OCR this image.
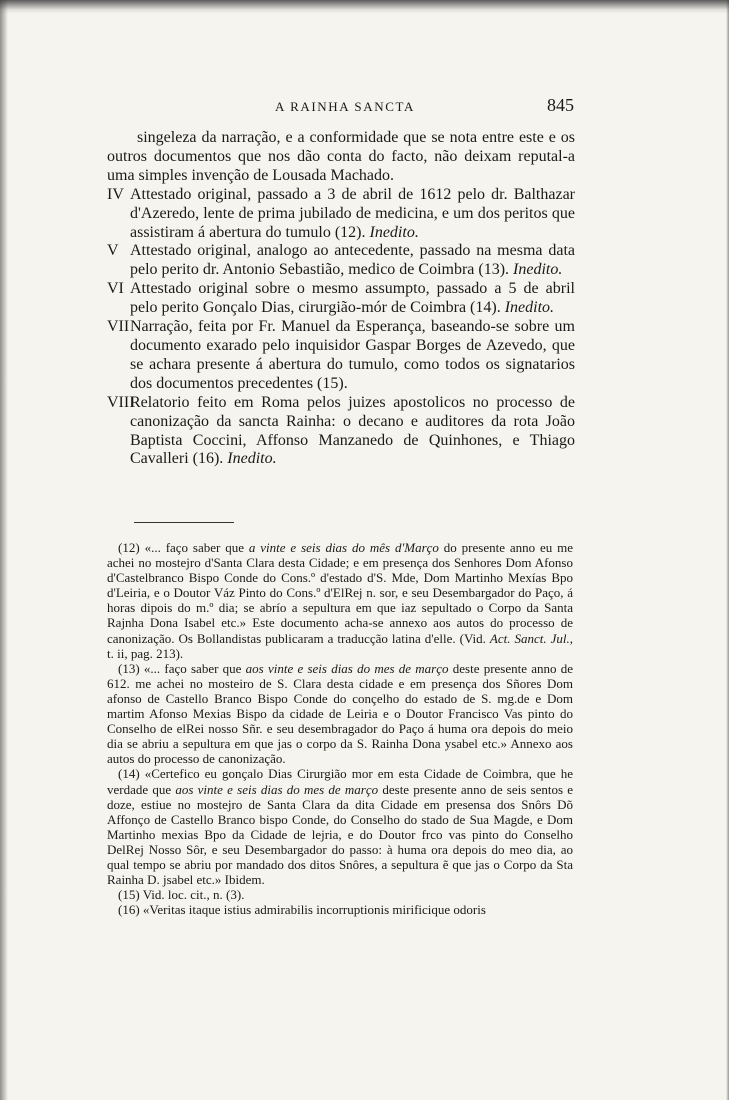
A RAINHA SANCTA	845
singeleza da narração, e a conformidade que se nota entre este e os outros documentos que nos dão conta do facto, não deixam reputal-a uma simples invenção de Lousada Machado.
IV Attestado original, passado a 3 de abril de 1612 pelo dr. Balthazar d'Azeredo, lente de prima jubilado de medicina, e um dos peritos que assistiram á abertura do tumulo (12). Inedito.
V Attestado original, analogo ao antecedente, passado na mesma data pelo perito dr. Antonio Sebastião, medico de Coimbra (13). Inedito.
VI Attestado original sobre o mesmo assumpto, passado a 5 de abril pelo perito Gonçalo Dias, cirurgião-mór de Coimbra (14). Inedito.
VII Narração, feita por Fr. Manuel da Esperança, baseando-se sobre um documento exarado pelo inquisidor Gaspar Borges de Azevedo, que se achara presente á abertura do tumulo, como todos os signatarios dos documentos precedentes (15).
VIII
Relatorio feito em Roma pelos juizes apostolicos no processo de canonização da sancta Rainha: o decano e auditores da rota João Baptista Coccini, Affonso Manzanedo de Quinhones, e Thiago Cavalleri (16). Inedito.

(12) «... faço saber que a vinte e seis dias do mês d'Março do presente anno eu me achei no mostejro d'Santa Clara desta Cidade; e em presença dos Senhores Dom Afonso d'Castelbranco Bispo Conde do Cons.º d'estado d'S. Mde, Dom Martinho Mexías Bpo d'Leiria, e o Doutor Váz Pinto do Cons.º d'ElRej n. sor, e seu Desembargador do Paço, á horas dipois do m.º dia; se abrío a sepultura em que iaz sepultado o Corpo da Santa Rajnha Dona Isabel etc.» Este documento acha-se annexo aos autos do processo de canonização. Os Bollandistas publicaram a traducção latina d'elle. (Vid. Act. Sanct. Jul., t. ii, pag. 213).

(13) «... faço saber que aos vinte e seis dias do mes de março deste presente anno de 612. me achei no mosteiro de S. Clara desta cidade e em presença dos Sñores Dom afonso de Castello Branco Bispo Conde do conçelho do estado de S. mg.de e Dom martim Afonso Mexias Bispo da cidade de Leiria e o Doutor Francisco Vas pinto do Conselho de elRei nosso Sñr. e seu desembragador do Paço á huma ora depois do meio dia se abriu a sepultura em que jas o corpo da S. Rainha Dona ysabel etc.» Annexo aos autos do processo de canonização.

(14) «Certefico eu gonçalo Dias Cirurgião mor em esta Cidade de Coimbra, que he verdade que aos vinte e seis dias do mes de março deste presente anno de seis sentos e doze, estiue no mostejro de Santa Clara da dita Cidade em presensa dos Snôrs Dõ Affonço de Castello Branco bispo Conde, do Conselho do stado de Sua Magde, e Dom Martinho mexias Bpo da Cidade de lejria, e do Doutor frco vas pinto do Conselho DelRej Nosso Sôr, e seu Desembargador do passo: à huma ora depois do meo dia, ao qual tempo se abriu por mandado dos ditos Snôres, a sepultura ẽ que jas o Corpo da Sta Rainha D. jsabel etc.» Ibidem.

(15) Vid. loc. cit., n. (3).

(16) «Veritas itaque istius admirabilis incorruptionis mirificique odoris
